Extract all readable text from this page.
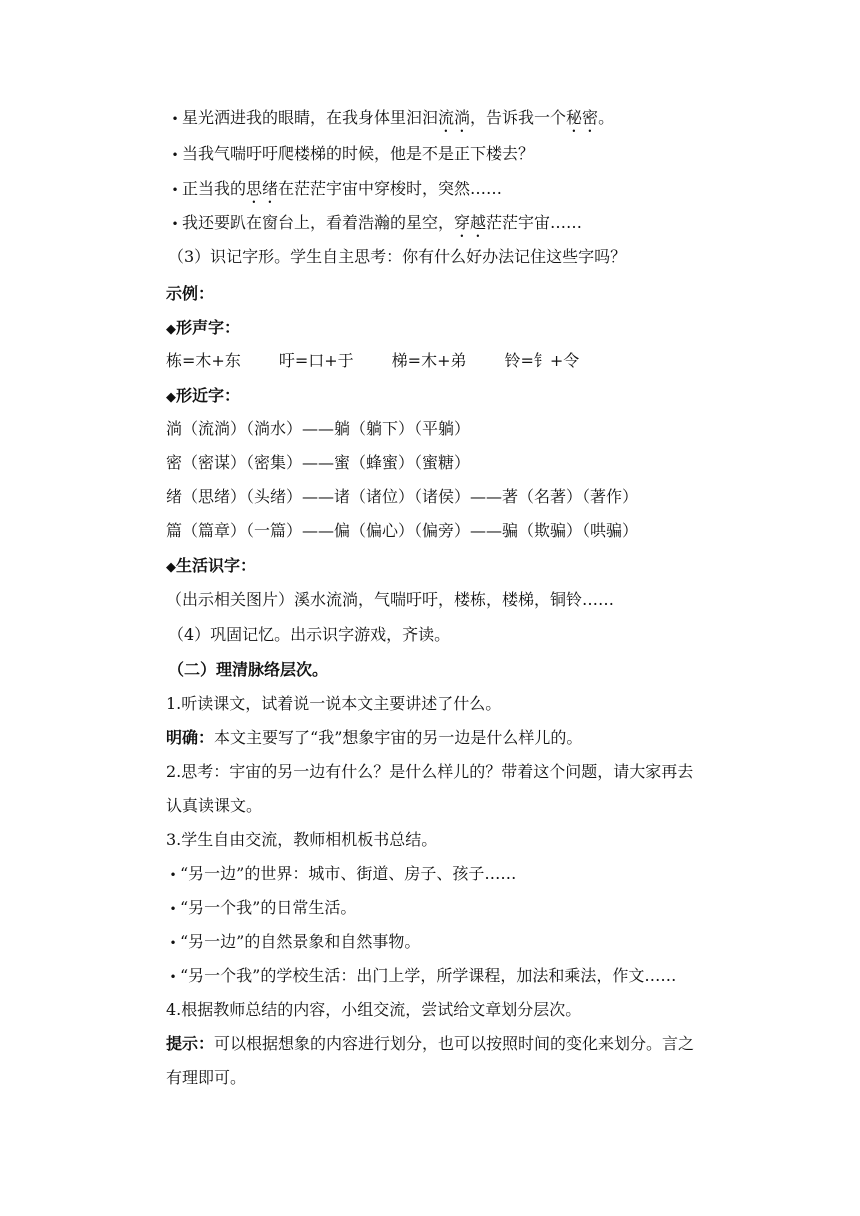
• 星光洒进我的眼睛，在我身体里汩汩流淌，告诉我一个秘密。
• 当我气喘吁吁爬楼梯的时候，他是不是正下楼去？
• 正当我的思绪在茫茫宇宙中穿梭时，突然……
• 我还要趴在窗台上，看着浩瀚的星空，穿越茫茫宇宙……
（3）识记字形。学生自主思考：你有什么好办法记住这些字吗？
示例：
◆形声字：
栋=木+东 吁=口+于 梯=木+弟 铃=钅+令
◆形近字：
淌（流淌）（淌水）——躺（躺下）（平躺）
密（密谋）（密集）——蜜（蜂蜜）（蜜糖）
绪（思绪）（头绪）——诸（诸位）（诸侯）——著（名著）（著作）
篇（篇章）（一篇）——偏（偏心）（偏旁）——骗（欺骗）（哄骗）
◆生活识字：
（出示相关图片）溪水流淌，气喘吁吁，楼栋，楼梯，铜铃……
（4）巩固记忆。出示识字游戏，齐读。
（二）理清脉络层次。
1.听读课文，试着说一说本文主要讲述了什么。
明确：本文主要写了“我”想象宇宙的另一边是什么样儿的。
2.思考：宇宙的另一边有什么？是什么样儿的？带着这个问题，请大家再去
认真读课文。
3.学生自由交流，教师相机板书总结。
• “另一边”的世界：城市、街道、房子、孩子……
• “另一个我”的日常生活。
• “另一边”的自然景象和自然事物。
• “另一个我”的学校生活：出门上学，所学课程，加法和乘法，作文……
4.根据教师总结的内容，小组交流，尝试给文章划分层次。
提示：可以根据想象的内容进行划分，也可以按照时间的变化来划分。言之
有理即可。
